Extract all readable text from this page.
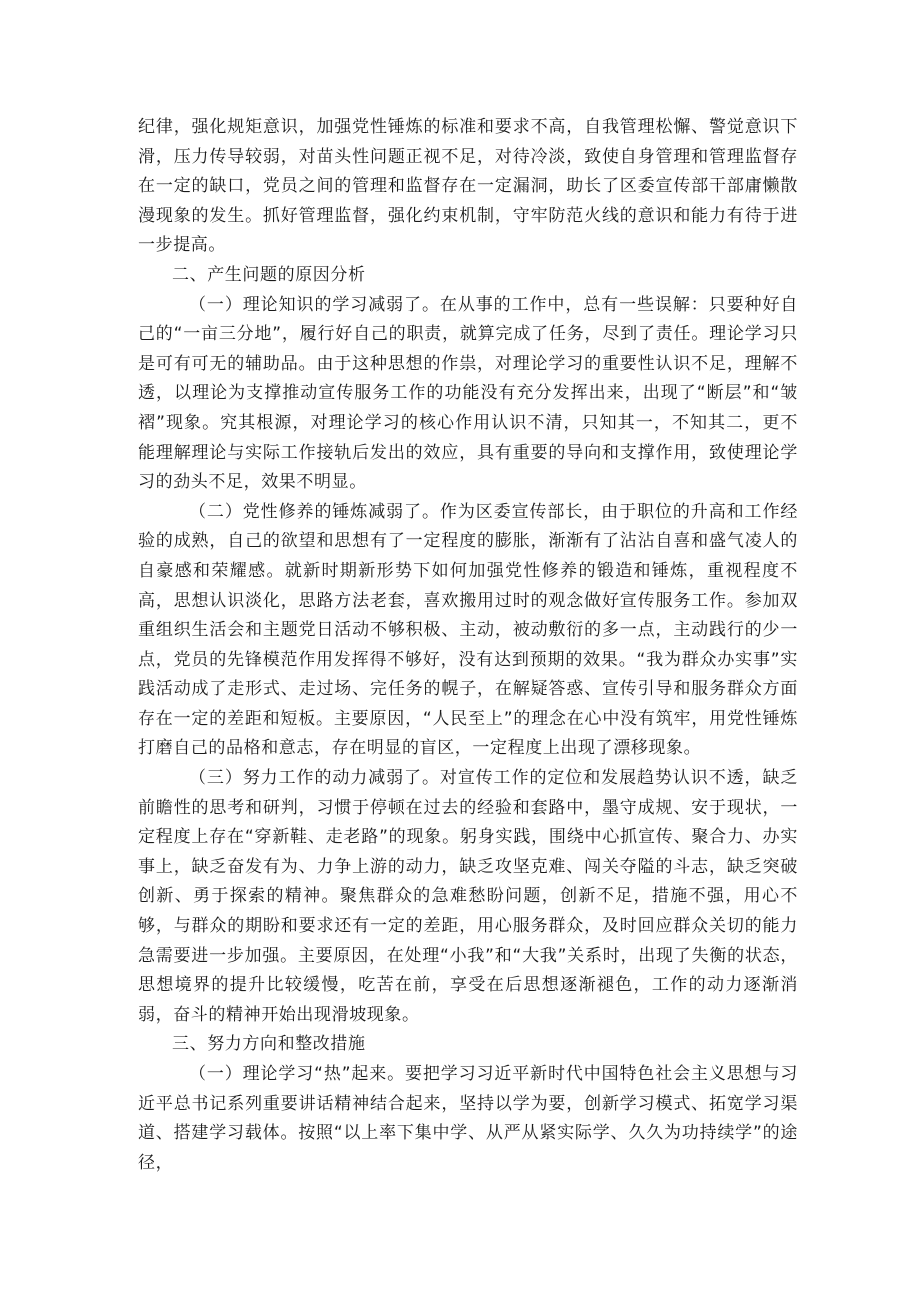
纪律，强化规矩意识，加强党性锤炼的标准和要求不高，自我管理松懈、警觉意识下滑，压力传导较弱，对苗头性问题正视不足，对待冷淡，致使自身管理和管理监督存在一定的缺口，党员之间的管理和监督存在一定漏洞，助长了区委宣传部干部庸懒散漫现象的发生。抓好管理监督，强化约束机制，守牢防范火线的意识和能力有待于进一步提高。

二、产生问题的原因分析

（一）理论知识的学习减弱了。在从事的工作中，总有一些误解：只要种好自己的“一亩三分地”，履行好自己的职责，就算完成了任务，尽到了责任。理论学习只是可有可无的辅助品。由于这种思想的作祟，对理论学习的重要性认识不足，理解不透，以理论为支撑推动宣传服务工作的功能没有充分发挥出来，出现了“断层”和“皱褶”现象。究其根源，对理论学习的核心作用认识不清，只知其一，不知其二，更不能理解理论与实际工作接轨后发出的效应，具有重要的导向和支撑作用，致使理论学习的劲头不足，效果不明显。

（二）党性修养的锤炼减弱了。作为区委宣传部长，由于职位的升高和工作经验的成熟，自己的欲望和思想有了一定程度的膨胀，渐渐有了沾沾自喜和盛气凌人的自豪感和荣耀感。就新时期新形势下如何加强党性修养的锻造和锤炼，重视程度不高，思想认识淡化，思路方法老套，喜欢搬用过时的观念做好宣传服务工作。参加双重组织生活会和主题党日活动不够积极、主动，被动敷衍的多一点，主动践行的少一点，党员的先锋模范作用发挥得不够好，没有达到预期的效果。“我为群众办实事”实践活动成了走形式、走过场、完任务的幌子，在解疑答惑、宣传引导和服务群众方面存在一定的差距和短板。主要原因，“人民至上”的理念在心中没有筑牢，用党性锤炼打磨自己的品格和意志，存在明显的盲区，一定程度上出现了漂移现象。

（三）努力工作的动力减弱了。对宣传工作的定位和发展趋势认识不透，缺乏前瞻性的思考和研判，习惯于停顿在过去的经验和套路中，墨守成规、安于现状，一定程度上存在“穿新鞋、走老路”的现象。躬身实践，围绕中心抓宣传、聚合力、办实事上，缺乏奋发有为、力争上游的动力，缺乏攻坚克难、闯关夺隘的斗志，缺乏突破创新、勇于探索的精神。聚焦群众的急难愁盼问题，创新不足，措施不强，用心不够，与群众的期盼和要求还有一定的差距，用心服务群众，及时回应群众关切的能力急需要进一步加强。主要原因，在处理“小我”和“大我”关系时，出现了失衡的状态，思想境界的提升比较缓慢，吃苦在前，享受在后思想逐渐褪色，工作的动力逐渐消弱，奋斗的精神开始出现滑坡现象。

三、努力方向和整改措施

（一）理论学习“热”起来。要把学习习近平新时代中国特色社会主义思想与习近平总书记系列重要讲话精神结合起来，坚持以学为要，创新学习模式、拓宽学习渠道、搭建学习载体。按照“以上率下集中学、从严从紧实际学、久久为功持续学”的途径，
